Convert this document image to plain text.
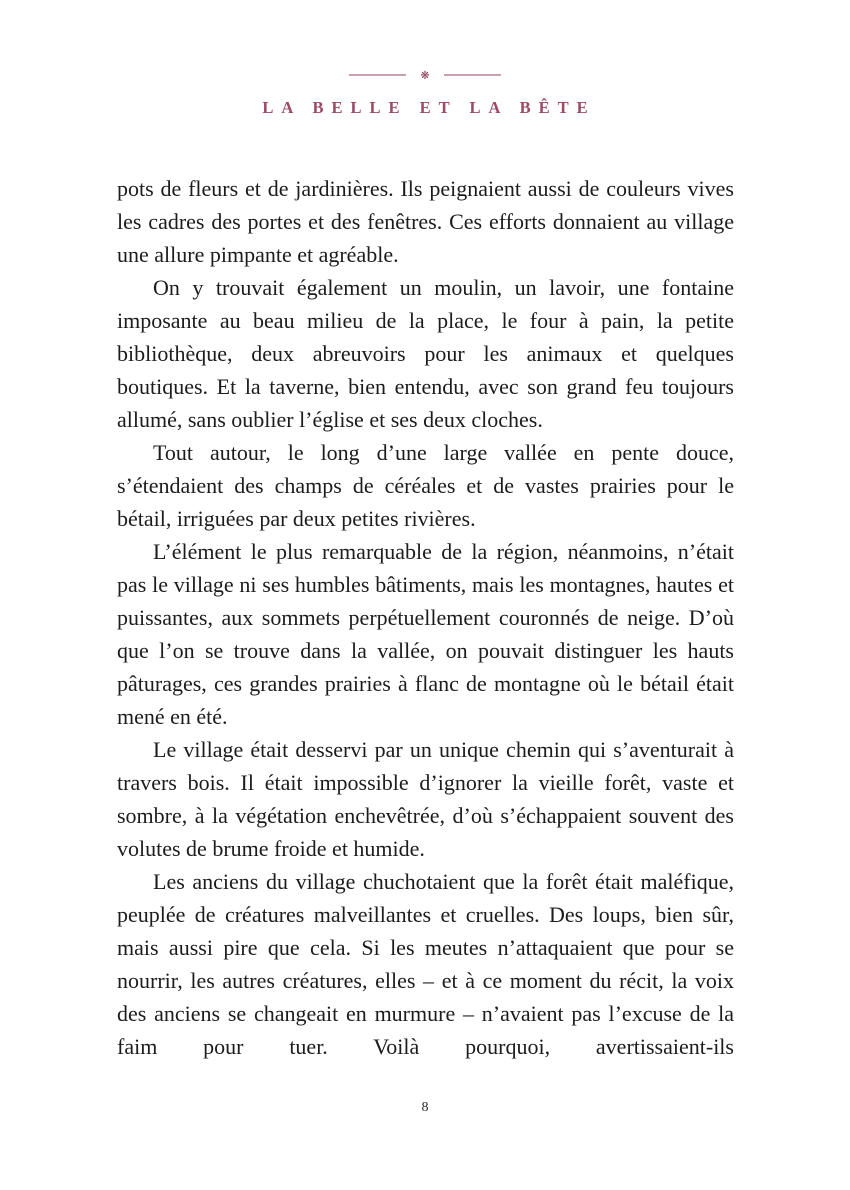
❋
LA BELLE ET LA BÊTE

pots de fleurs et de jardinières. Ils peignaient aussi de couleurs vives les cadres des portes et des fenêtres. Ces efforts donnaient au village une allure pimpante et agréable.

On y trouvait également un moulin, un lavoir, une fontaine imposante au beau milieu de la place, le four à pain, la petite bibliothèque, deux abreuvoirs pour les animaux et quelques boutiques. Et la taverne, bien entendu, avec son grand feu toujours allumé, sans oublier l’église et ses deux cloches.

Tout autour, le long d’une large vallée en pente douce, s’étendaient des champs de céréales et de vastes prairies pour le bétail, irriguées par deux petites rivières.

L’élément le plus remarquable de la région, néanmoins, n’était pas le village ni ses humbles bâtiments, mais les montagnes, hautes et puissantes, aux sommets perpétuellement couronnés de neige. D’où que l’on se trouve dans la vallée, on pouvait distinguer les hauts pâturages, ces grandes prairies à flanc de montagne où le bétail était mené en été.

Le village était desservi par un unique chemin qui s’aventurait à travers bois. Il était impossible d’ignorer la vieille forêt, vaste et sombre, à la végétation enchevêtrée, d’où s’échappaient souvent des volutes de brume froide et humide.

Les anciens du village chuchotaient que la forêt était maléfique, peuplée de créatures malveillantes et cruelles. Des loups, bien sûr, mais aussi pire que cela. Si les meutes n’attaquaient que pour se nourrir, les autres créatures, elles – et à ce moment du récit, la voix des anciens se changeait en murmure – n’avaient pas l’excuse de la faim pour tuer. Voilà pourquoi, avertissaient-ils

8
